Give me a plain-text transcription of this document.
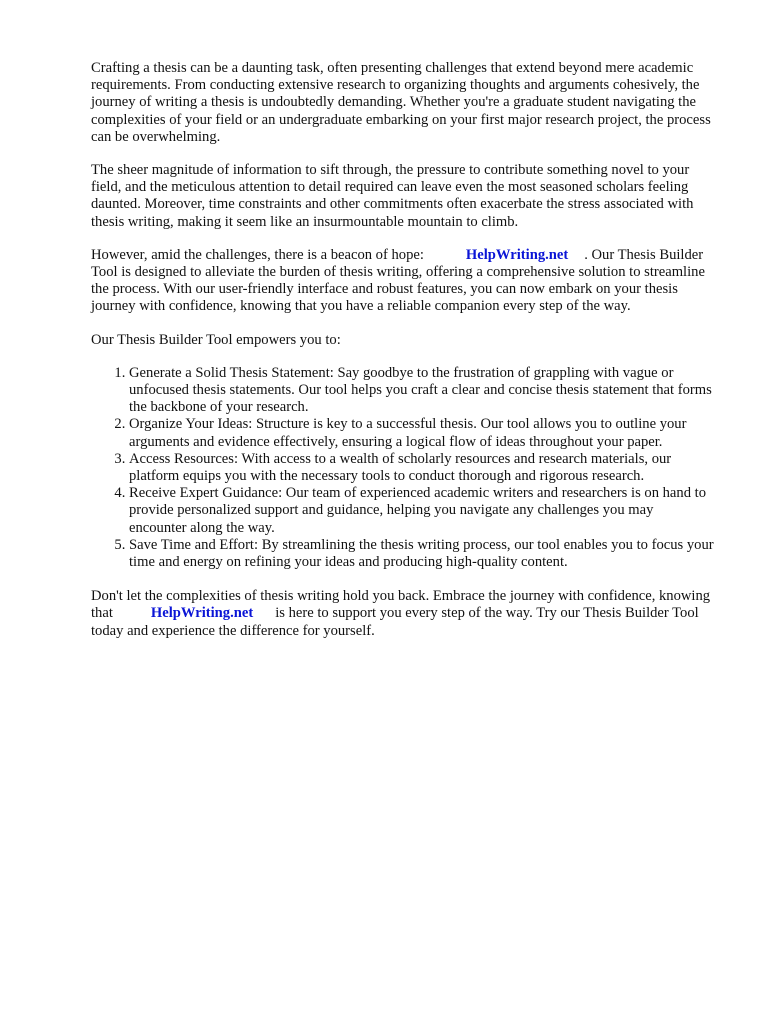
Crafting a thesis can be a daunting task, often presenting challenges that extend beyond mere academic requirements. From conducting extensive research to organizing thoughts and arguments cohesively, the journey of writing a thesis is undoubtedly demanding. Whether you're a graduate student navigating the complexities of your field or an undergraduate embarking on your first major research project, the process can be overwhelming.

The sheer magnitude of information to sift through, the pressure to contribute something novel to your field, and the meticulous attention to detail required can leave even the most seasoned scholars feeling daunted. Moreover, time constraints and other commitments often exacerbate the stress associated with thesis writing, making it seem like an insurmountable mountain to climb.

However, amid the challenges, there is a beacon of hope:	HelpWriting.net . Our Thesis Builder Tool is designed to alleviate the burden of thesis writing, offering a comprehensive solution to streamline the process. With our user-friendly interface and robust features, you can now embark on your thesis journey with confidence, knowing that you have a reliable companion every step of the way.

Our Thesis Builder Tool empowers you to:

1. Generate a Solid Thesis Statement: Say goodbye to the frustration of grappling with vague or unfocused thesis statements. Our tool helps you craft a clear and concise thesis statement that forms the backbone of your research.
2. Organize Your Ideas: Structure is key to a successful thesis. Our tool allows you to outline your arguments and evidence effectively, ensuring a logical flow of ideas throughout your paper.
3. Access Resources: With access to a wealth of scholarly resources and research materials, our platform equips you with the necessary tools to conduct thorough and rigorous research.
4. Receive Expert Guidance: Our team of experienced academic writers and researchers is on hand to provide personalized support and guidance, helping you navigate any challenges you may encounter along the way.
5. Save Time and Effort: By streamlining the thesis writing process, our tool enables you to focus your time and energy on refining your ideas and producing high-quality content.

Don't let the complexities of thesis writing hold you back. Embrace the journey with confidence, knowing that	HelpWriting.net is here to support you every step of the way. Try our Thesis Builder Tool today and experience the difference for yourself.
